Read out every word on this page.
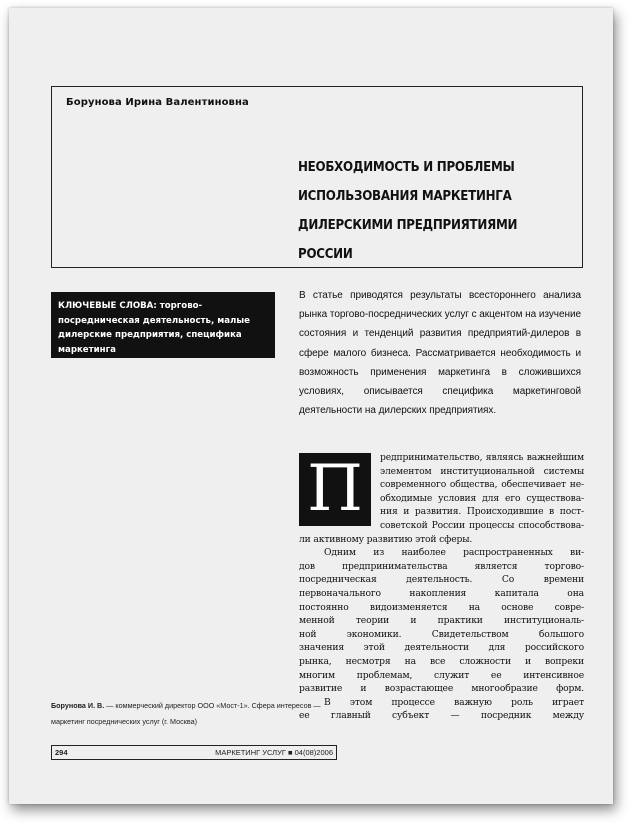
Борунова Ирина Валентиновна
НЕОБХОДИМОСТЬ И ПРОБЛЕМЫ
ИСПОЛЬЗОВАНИЯ МАРКЕТИНГА
ДИЛЕРСКИМИ ПРЕДПРИЯТИЯМИ
РОССИИ
КЛЮЧЕВЫЕ СЛОВА: торгово-посредническая деятельность, малые дилерские предприятия, специфика маркетинга
В статье приводятся результаты всестороннего анализа рынка торгово-посреднических услуг с акцентом на изучение состояния и тенденций развития предприятий-дилеров в сфере малого бизнеса. Рассматривается необходимость и возможность применения маркетинга в сложившихся условиях, описывается специфика маркетинговой деятельности на дилерских предприятиях.
П	редпринимательство, являясь важнейшим
элементом институциональной системы
современного общества, обеспечивает не-
обходимые условия для его существова-
ния и развития. Происходившие в пост-
советской России процессы способствова-
ли активному развитию этой сферы.
Одним из наиболее распространенных ви-
дов предпринимательства является торгово-
посредническая деятельность. Со времени
первоначального накопления капитала она
постоянно видоизменяется на основе совре-
менной теории и практики институциональ-
ной экономики. Свидетельством большого
значения этой деятельности для российского
рынка, несмотря на все сложности и вопреки
многим проблемам, служит ее интенсивное
развитие и возрастающее многообразие форм.
В этом процессе важную роль играет
ее главный субъект — посредник между
Борунова И. В. — коммерческий директор ООО «Мост-1». Сфера интересов — маркетинг посреднических услуг (г. Москва)
294	МАРКЕТИНГ УСЛУГ ■ 04(08)2006
